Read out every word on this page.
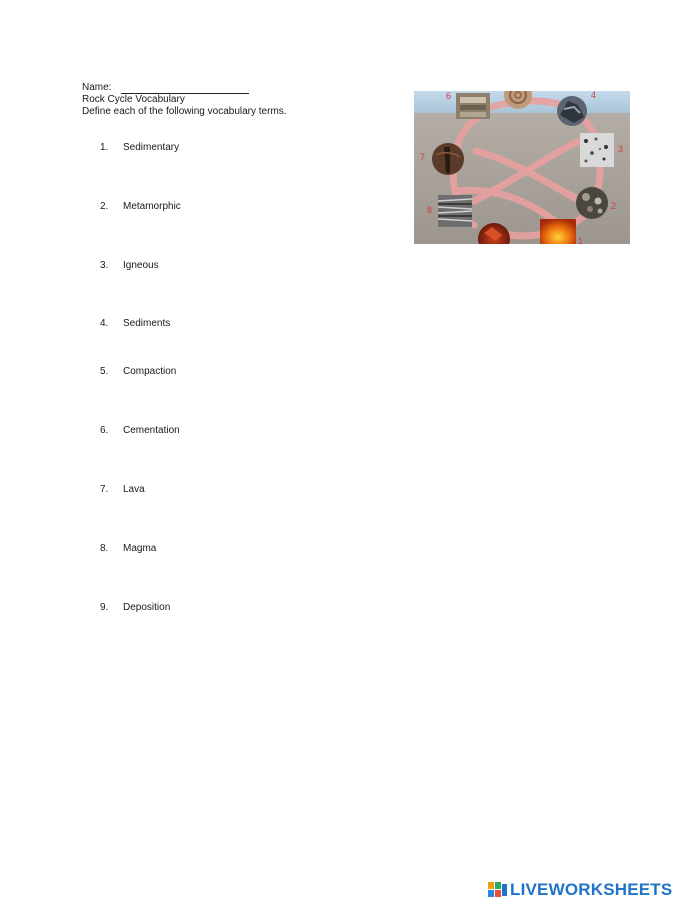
Name:
Rock Cycle Vocabulary
Define each of the following vocabulary terms.
1.	Sedimentary
2.	Metamorphic
3.	Igneous
4.	Sediments
5.	Compaction
6.	Cementation
7.	Lava
8.	Magma
9.	Deposition
6	4
3
2
1
7
8
LIVEWORKSHEETS
